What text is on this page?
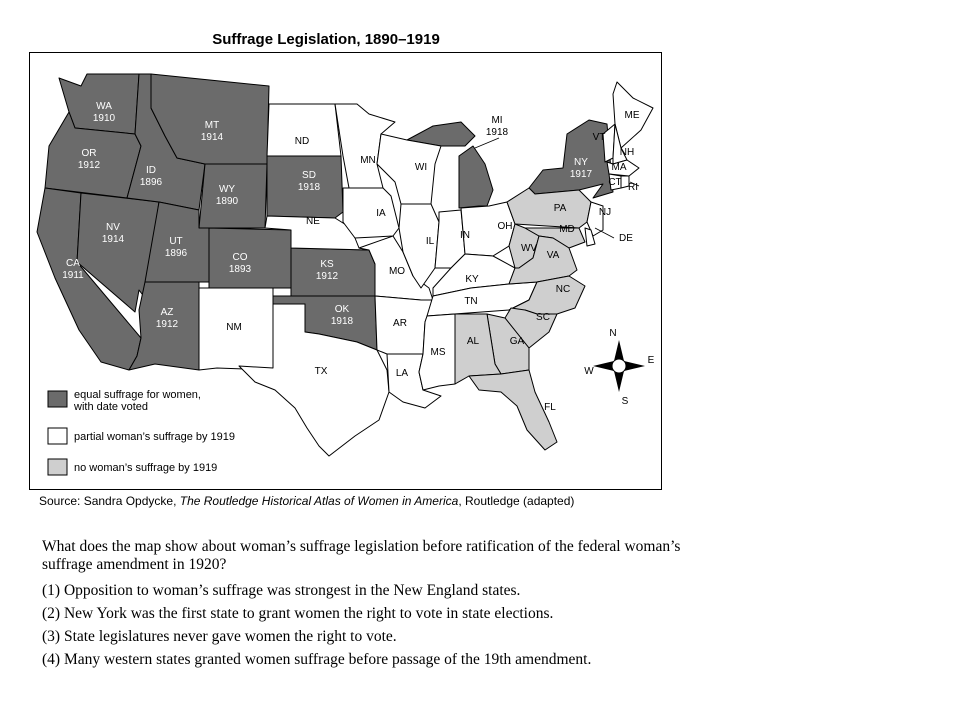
Suffrage Legislation, 1890–1919
WA 1910
OR 1912
CA 1911
ID 1896
NV 1914
MT 1914
WY 1890
UT 1896	CO 1893
AZ 1912
SD 1918
KS 1912
OK 1918
MI 1918
NY 1917
ND
NE
NM
TX
MN
IA
MO
AR
LA
WI
IL
IN
OH
KY
TN
MS
ME
VT
NH
MA
RI
CT
NJ
DE
PA
MD
WV
VA
NC
SC
GA
AL
FL
N
S
E
W
equal suffrage for women, with date voted
partial woman’s suffrage by 1919
no woman’s suffrage by 1919
Source: Sandra Opdycke, The Routledge Historical Atlas of Women in America, Routledge (adapted)
What does the map show about woman’s suffrage legislation before ratification of the federal woman’s suffrage amendment in 1920?
(1) Opposition to woman’s suffrage was strongest in the New England states.
(2) New York was the first state to grant women the right to vote in state elections.
(3) State legislatures never gave women the right to vote.
(4) Many western states granted women suffrage before passage of the 19th amendment.
